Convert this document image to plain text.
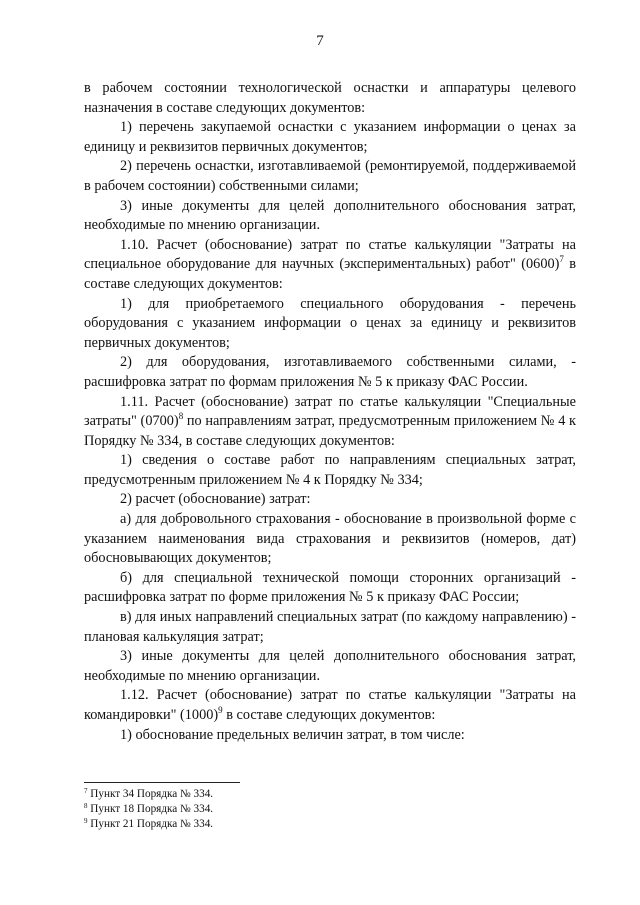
7

в рабочем состоянии технологической оснастки и аппаратуры целевого назначения в составе следующих документов:

1) перечень закупаемой оснастки с указанием информации о ценах за единицу и реквизитов первичных документов;

2) перечень оснастки, изготавливаемой (ремонтируемой, поддерживаемой в рабочем состоянии) собственными силами;

3) иные документы для целей дополнительного обоснования затрат, необходимые по мнению организации.

1.10. Расчет (обоснование) затрат по статье калькуляции "Затраты на специальное оборудование для научных (экспериментальных) работ" $(0600)^7$ в составе следующих документов:

1) для приобретаемого специального оборудования - перечень оборудования с указанием информации о ценах за единицу и реквизитов первичных документов;

2) для оборудования, изготавливаемого собственными силами, - расшифровка затрат по формам приложения № 5 к приказу ФАС России.

1.11. Расчет (обоснование) затрат по статье калькуляции "Специальные затраты" $(0700)^8$ по направлениям затрат, предусмотренным приложением № 4 к Порядку № 334, в составе следующих документов:

1) сведения о составе работ по направлениям специальных затрат, предусмотренным приложением № 4 к Порядку № 334;

2) расчет (обоснование) затрат:

а) для добровольного страхования - обоснование в произвольной форме с указанием наименования вида страхования и реквизитов (номеров, дат) обосновывающих документов;

б) для специальной технической помощи сторонних организаций - расшифровка затрат по форме приложения № 5 к приказу ФАС России;

в) для иных направлений специальных затрат (по каждому направлению) - плановая калькуляция затрат;

3) иные документы для целей дополнительного обоснования затрат, необходимые по мнению организации.

1.12. Расчет (обоснование) затрат по статье калькуляции "Затраты на командировки" $(1000)^9$ в составе следующих документов:

1) обоснование предельных величин затрат, в том числе:

$^7$ Пункт 34 Порядка № 334.
$^8$ Пункт 18 Порядка № 334.
$^9$ Пункт 21 Порядка № 334.
